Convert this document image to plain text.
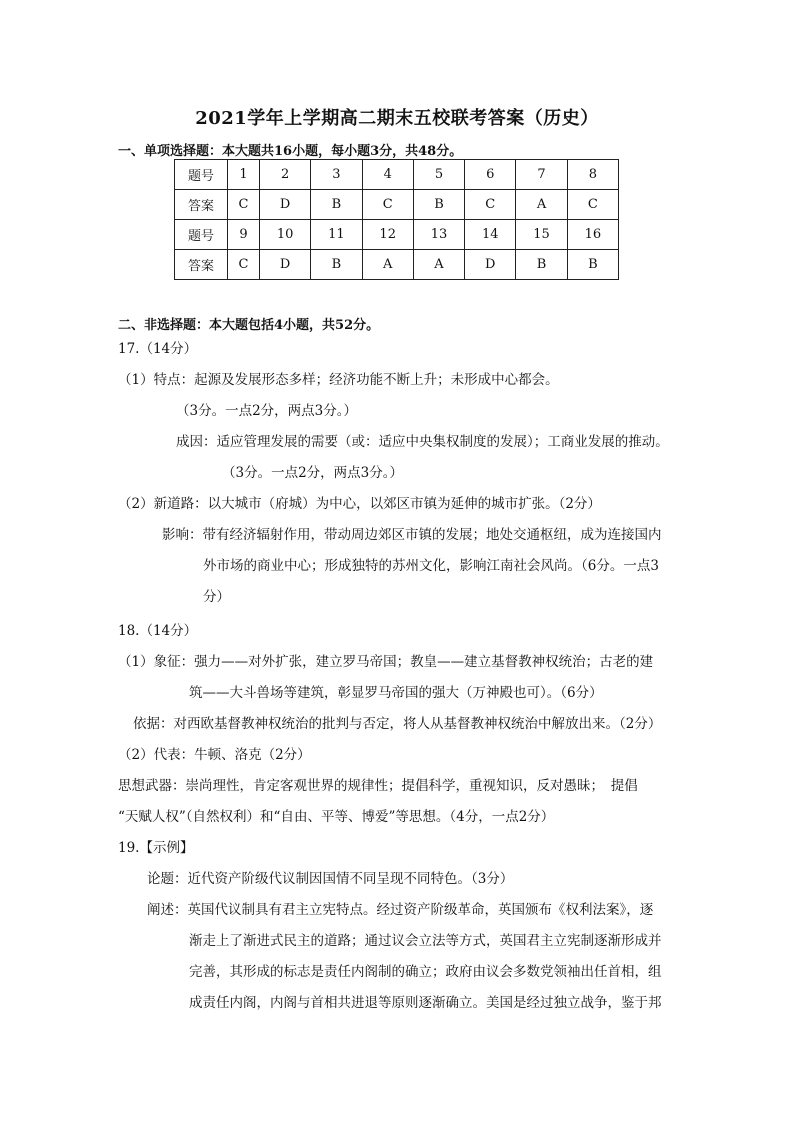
2021学年上学期高二期末五校联考答案（历史）
一、单项选择题：本大题共16小题，每小题3分，共48分。
题号	1	2	3	4	5	6	7	8
答案	C	D	B	C	B	C	A	C
题号	9	10	11	12	13	14	15	16
答案	C	D	B	A	A	D	B	B
二、非选择题：本大题包括4小题，共52分。
17.（14分）
（1）特点：起源及发展形态多样；经济功能不断上升；未形成中心都会。
（3分。一点2分，两点3分。）
成因：适应管理发展的需要（或：适应中央集权制度的发展）；工商业发展的推动。
（3分。一点2分，两点3分。）
（2）新道路：以大城市（府城）为中心，以郊区市镇为延伸的城市扩张。（2分）
影响：带有经济辐射作用，带动周边郊区市镇的发展；地处交通枢纽，成为连接国内
外市场的商业中心；形成独特的苏州文化，影响江南社会风尚。（6分。一点3
分）
18.（14分）
（1）象征：强力——对外扩张，建立罗马帝国；教皇——建立基督教神权统治；古老的建
筑——大斗兽场等建筑，彰显罗马帝国的强大（万神殿也可）。（6分）
依据：对西欧基督教神权统治的批判与否定，将人从基督教神权统治中解放出来。（2分）
（2）代表：牛顿、洛克（2分）
思想武器：崇尚理性，肯定客观世界的规律性；提倡科学，重视知识，反对愚昧；　提倡
“天赋人权”（自然权利）和“自由、平等、博爱”等思想。（4分，一点2分）
19.【示例】
论题：近代资产阶级代议制因国情不同呈现不同特色。（3分）
阐述：英国代议制具有君主立宪特点。经过资产阶级革命，英国颁布《权利法案》，逐
渐走上了渐进式民主的道路；通过议会立法等方式，英国君主立宪制逐渐形成并
完善，其形成的标志是责任内阁制的确立；政府由议会多数党领袖出任首相，组
成责任内阁，内阁与首相共进退等原则逐渐确立。美国是经过独立战争，鉴于邦
